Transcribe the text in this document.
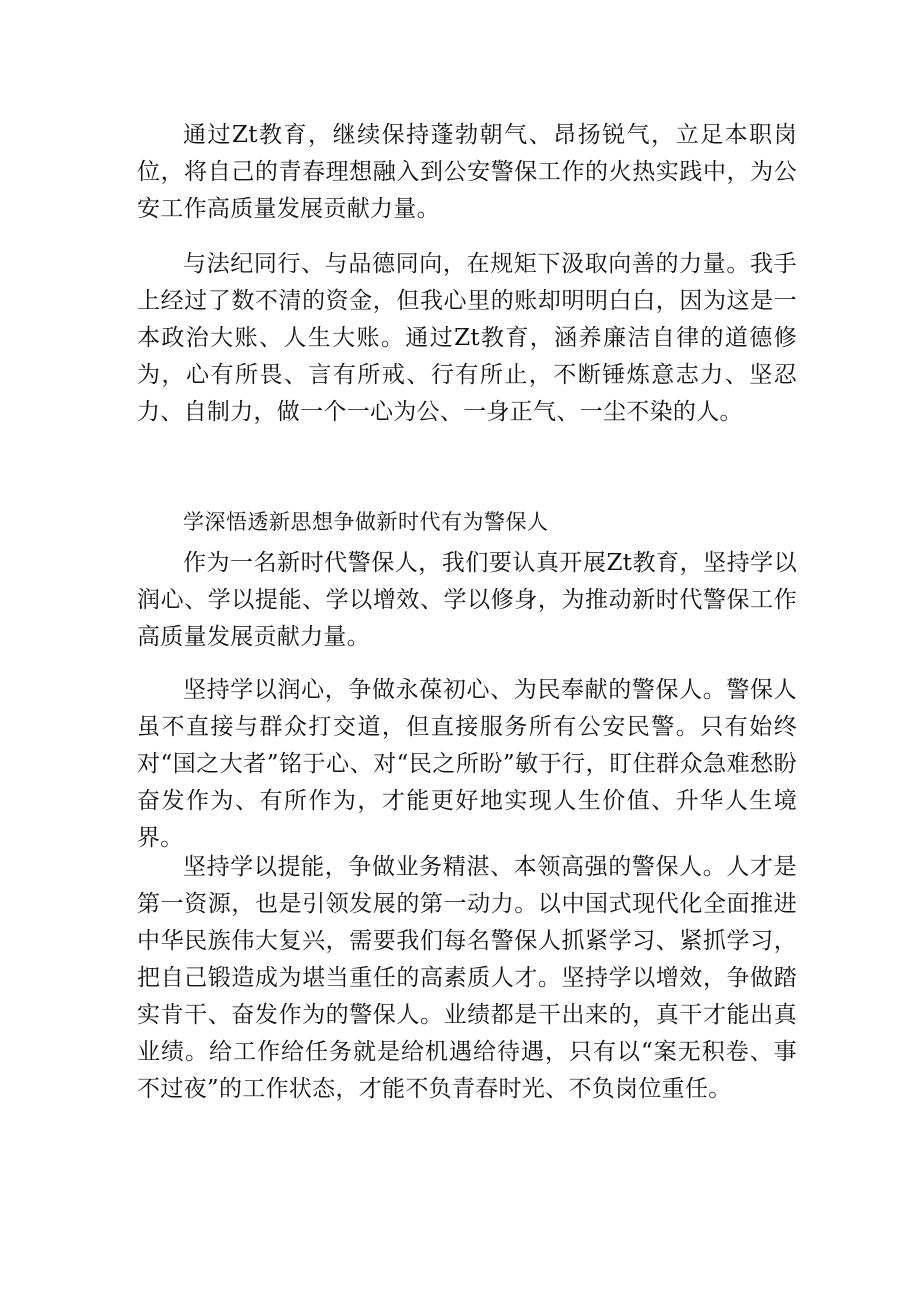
通过Zt教育，继续保持蓬勃朝气、昂扬锐气，立足本职岗位，将自己的青春理想融入到公安警保工作的火热实践中，为公安工作高质量发展贡献力量。

与法纪同行、与品德同向，在规矩下汲取向善的力量。我手上经过了数不清的资金，但我心里的账却明明白白，因为这是一本政治大账、人生大账。通过Zt教育，涵养廉洁自律的道德修为，心有所畏、言有所戒、行有所止，不断锤炼意志力、坚忍力、自制力，做一个一心为公、一身正气、一尘不染的人。

学深悟透新思想争做新时代有为警保人

作为一名新时代警保人，我们要认真开展Zt教育，坚持学以润心、学以提能、学以增效、学以修身，为推动新时代警保工作高质量发展贡献力量。

坚持学以润心，争做永葆初心、为民奉献的警保人。警保人虽不直接与群众打交道，但直接服务所有公安民警。只有始终对“国之大者”铭于心、对“民之所盼”敏于行，盯住群众急难愁盼奋发作为、有所作为，才能更好地实现人生价值、升华人生境界。

坚持学以提能，争做业务精湛、本领高强的警保人。人才是第一资源，也是引领发展的第一动力。以中国式现代化全面推进中华民族伟大复兴，需要我们每名警保人抓紧学习、紧抓学习，把自己锻造成为堪当重任的高素质人才。坚持学以增效，争做踏实肯干、奋发作为的警保人。业绩都是干出来的，真干才能出真业绩。给工作给任务就是给机遇给待遇，只有以“案无积卷、事不过夜”的工作状态，才能不负青春时光、不负岗位重任。
